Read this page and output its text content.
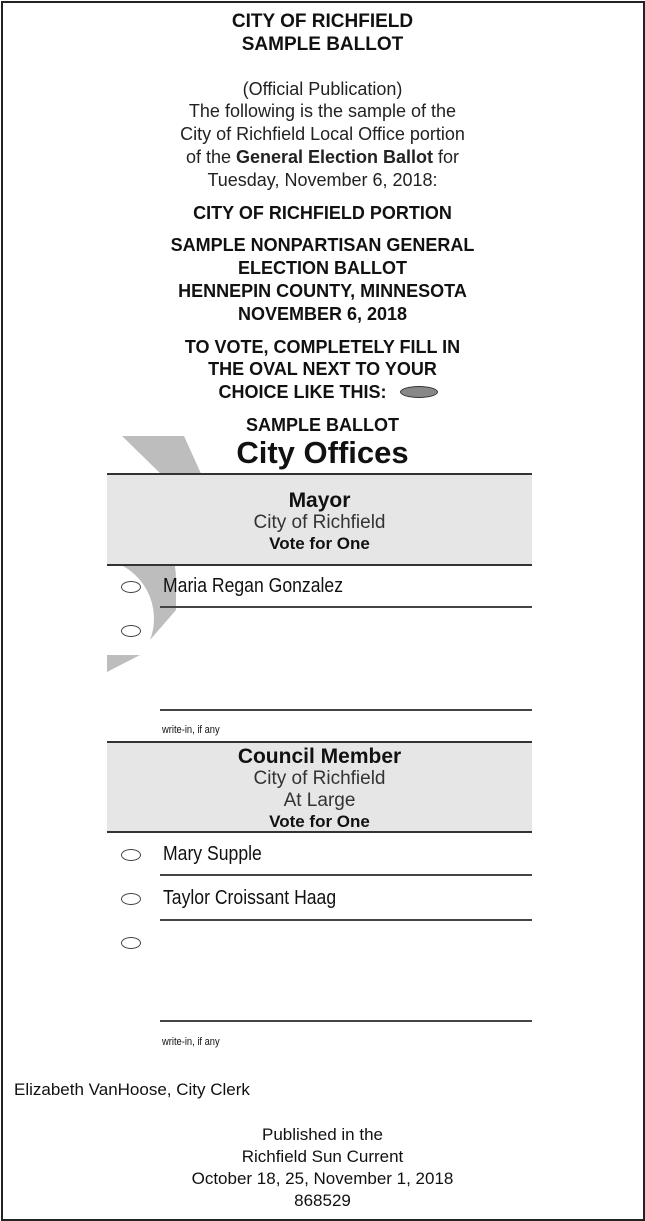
CITY OF RICHFIELD
SAMPLE BALLOT
(Official Publication)
The following is the sample of the
City of Richfield Local Office portion
of the General Election Ballot for
Tuesday, November 6, 2018:
CITY OF RICHFIELD PORTION
SAMPLE NONPARTISAN GENERAL
ELECTION BALLOT
HENNEPIN COUNTY, MINNESOTA
NOVEMBER 6, 2018
TO VOTE, COMPLETELY FILL IN
THE OVAL NEXT TO YOUR
CHOICE LIKE THIS:
SAMPLE BALLOT
City Offices
Mayor
City of Richfield
Vote for One
Maria Regan Gonzalez
write-in, if any
Council Member
City of Richfield
At Large
Vote for One
Mary Supple
Taylor Croissant Haag
write-in, if any
Elizabeth VanHoose, City Clerk
Published in the
Richfield Sun Current
October 18, 25, November 1, 2018
868529
